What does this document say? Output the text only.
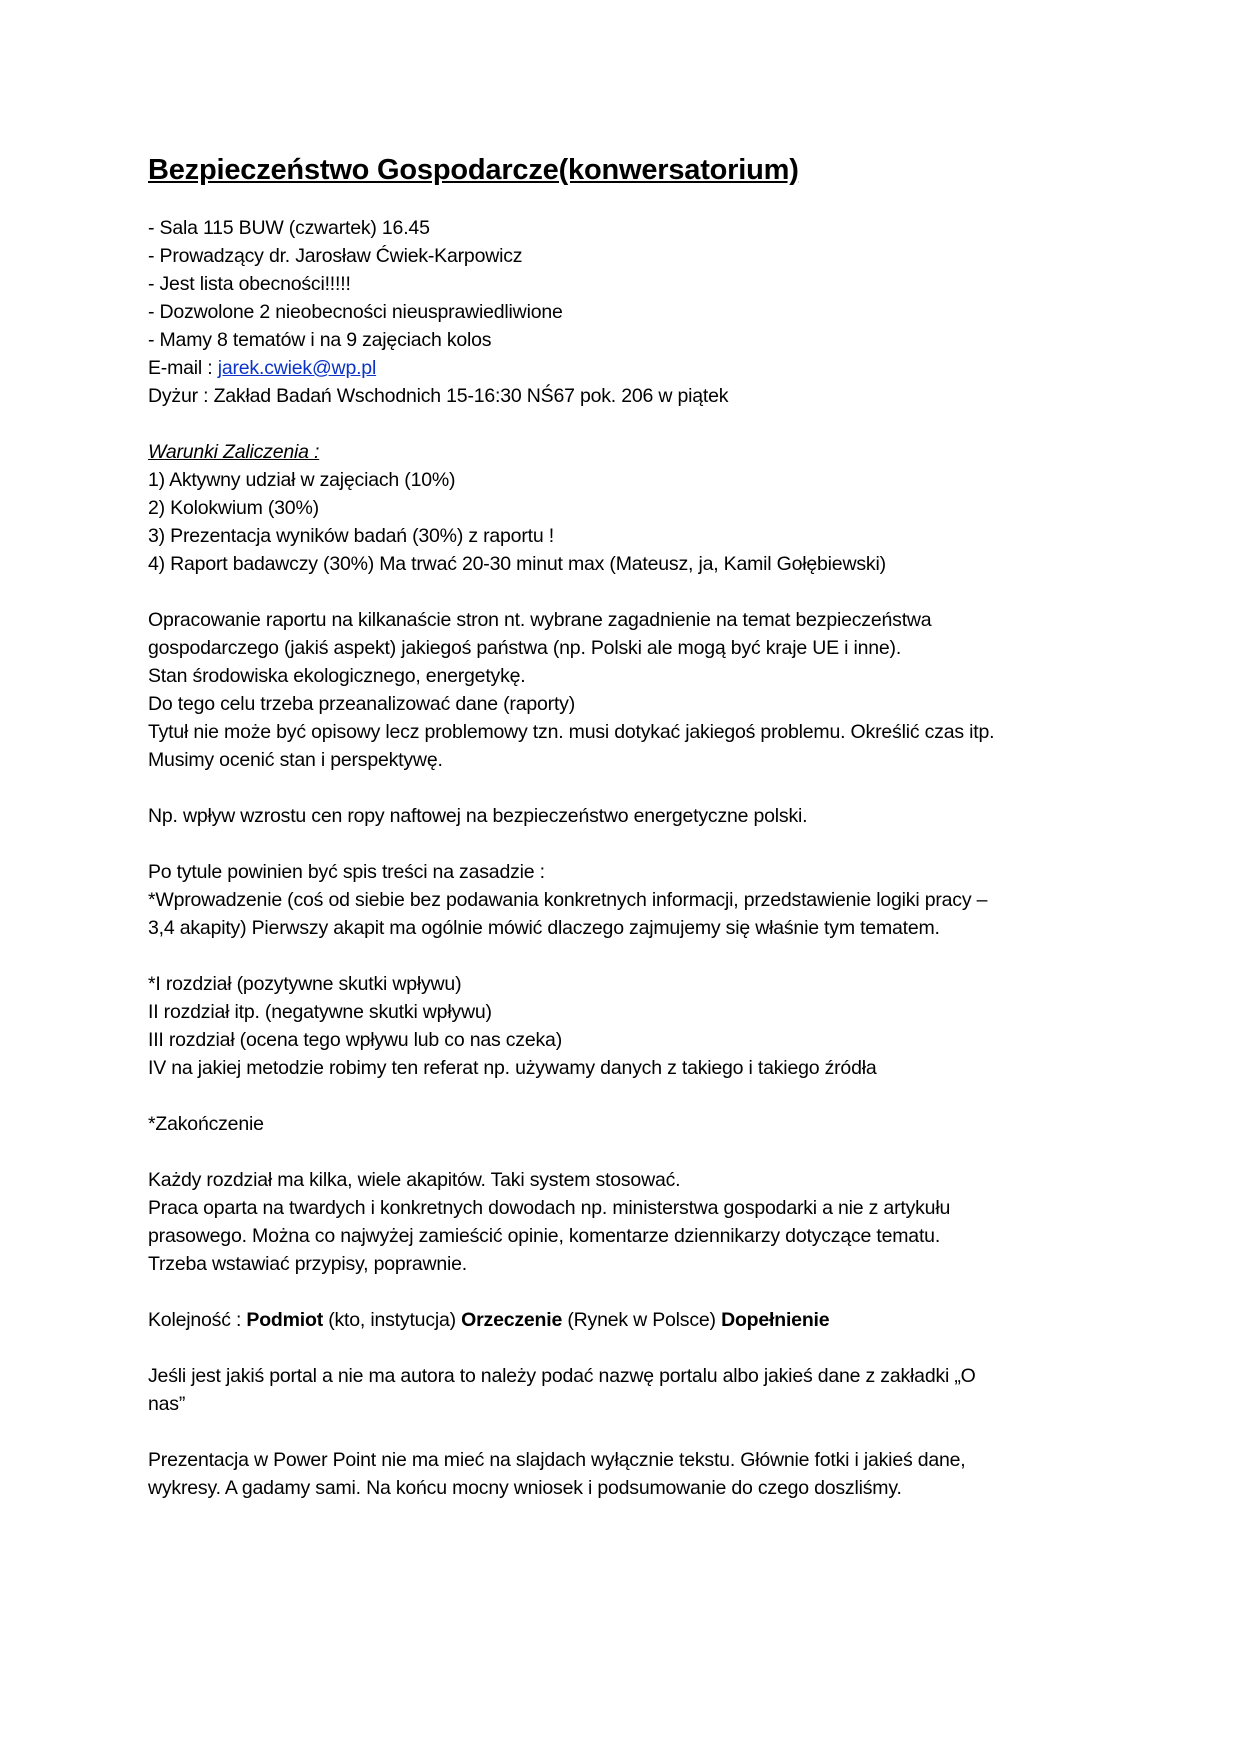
Bezpieczeństwo Gospodarcze(konwersatorium)
- Sala 115 BUW (czwartek) 16.45
- Prowadzący dr. Jarosław Ćwiek-Karpowicz
- Jest lista obecności!!!!!
- Dozwolone 2 nieobecności nieusprawiedliwione
- Mamy 8 tematów i na 9 zajęciach kolos
E-mail : jarek.cwiek@wp.pl
Dyżur : Zakład Badań Wschodnich 15-16:30 NŚ67 pok. 206 w piątek
Warunki Zaliczenia :
1) Aktywny udział w zajęciach (10%)
2) Kolokwium (30%)
3) Prezentacja wyników badań (30%) z raportu !
4) Raport badawczy (30%) Ma trwać 20-30 minut max (Mateusz, ja, Kamil Gołębiewski)
Opracowanie raportu na kilkanaście stron nt. wybrane zagadnienie na temat bezpieczeństwa
gospodarczego (jakiś aspekt) jakiegoś państwa (np. Polski ale mogą być kraje UE i inne).
Stan środowiska ekologicznego, energetykę.
Do tego celu trzeba przeanalizować dane (raporty)
Tytuł nie może być opisowy lecz problemowy tzn. musi dotykać jakiegoś problemu. Określić czas itp.
Musimy ocenić stan i perspektywę.
Np. wpływ wzrostu cen ropy naftowej na bezpieczeństwo energetyczne polski.
Po tytule powinien być spis treści na zasadzie :
*Wprowadzenie (coś od siebie bez podawania konkretnych informacji, przedstawienie logiki pracy –
3,4 akapity) Pierwszy akapit ma ogólnie mówić dlaczego zajmujemy się właśnie tym tematem.
*I rozdział (pozytywne skutki wpływu)
II rozdział itp. (negatywne skutki wpływu)
III rozdział (ocena tego wpływu lub co nas czeka)
IV na jakiej metodzie robimy ten referat np. używamy danych z takiego i takiego źródła
*Zakończenie
Każdy rozdział ma kilka, wiele akapitów. Taki system stosować.
Praca oparta na twardych i konkretnych dowodach np. ministerstwa gospodarki a nie z artykułu
prasowego. Można co najwyżej zamieścić opinie, komentarze dziennikarzy dotyczące tematu.
Trzeba wstawiać przypisy, poprawnie.
Kolejność : Podmiot (kto, instytucja) Orzeczenie (Rynek w Polsce) Dopełnienie
Jeśli jest jakiś portal a nie ma autora to należy podać nazwę portalu albo jakieś dane z zakładki „O
nas”
Prezentacja w Power Point nie ma mieć na slajdach wyłącznie tekstu. Głównie fotki i jakieś dane,
wykresy. A gadamy sami. Na końcu mocny wniosek i podsumowanie do czego doszliśmy.
